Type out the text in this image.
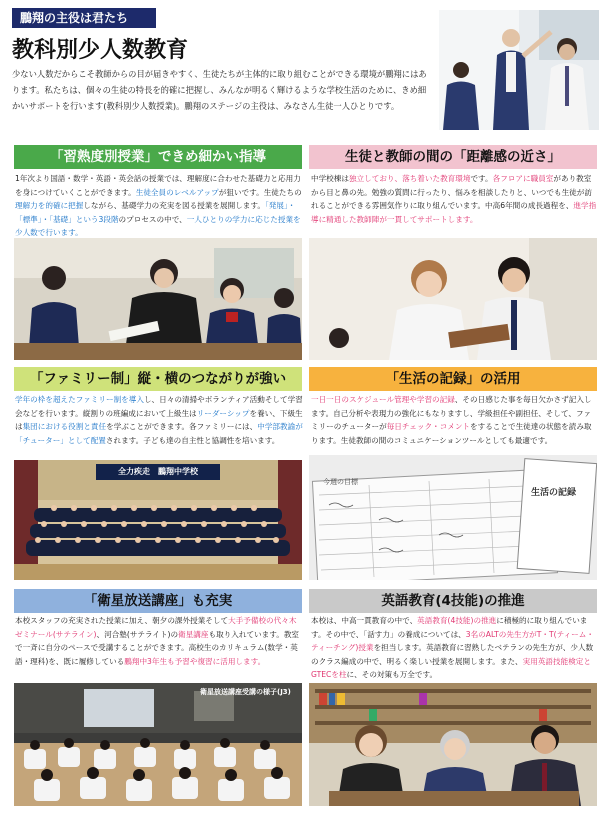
鵬翔の主役は君たち
教科別少人数教育
少ない人数だからこそ教師からの目が届きやすく、生徒たちが主体的に取り組むことができる環境が鵬翔にはあります。私たちは、個々の生徒の特長を的確に把握し、みんなが明るく輝けるような学校生活のために、きめ細かいサポートを行います(教科別少人数授業)。鵬翔のステージの主役は、みなさん生徒一人ひとりです。
「習熟度別授業」できめ細かい指導
1年次より国語・数学・英語・英会話の授業では、理解度に合わせた基礎力と応用力を身につけていくことができます。生徒全員のレベルアップが狙いです。生徒たちの理解力を的確に把握しながら、基礎学力の充実を図る授業を展開します。「発展」・「標準」・「基礎」という3段階のプロセスの中で、一人ひとりの学力に応じた授業を少人数で行います。
生徒と教師の間の「距離感の近さ」
中学校棟は独立しており、落ち着いた教育環境です。各フロアに職員室があり教室から目と鼻の先。勉強の質問に行ったり、悩みを相談したりと、いつでも生徒が訪れることができる雰囲気作りに取り組んでいます。中高6年間の成長過程を、進学指導に精通した教師陣が一貫してサポートします。
「ファミリー制」縦・横のつながりが強い
学年の枠を超えたファミリー制を導入し、日々の清掃やボランティア活動そして学習会などを行います。縦割りの班編成において上級生はリーダーシップを養い、下級生は集団における役割と責任を学ぶことができます。各ファミリーには、中学部教諭が「チューター」として配置されます。子ども達の自主性と協調性を培います。
全力疾走　鵬翔中学校
「生活の記録」の活用
一日一日のスケジュール管理や学習の記録、その日感じた事を毎日欠かさず記入します。自己分析や表現力の強化にもなりますし、学級担任や副担任、そして、ファミリーのチューターが毎日チェック・コメントをすることで生徒達の状態を読み取ります。生徒教師の間のコミュニケーションツールとしても最適です。
生活の記録
今週の目標
「衛星放送講座」も充実
本校スタッフの充実された授業に加え、朝夕の課外授業そして大手予備校の代々木ゼミナール(サテライン)、河合塾(サテライト)の衛星講座も取り入れています。教室で一斉に自分のペースで受講することができます。高校生のカリキュラム(数学・英語・理科)を、既に履修している鵬翔中3年生も予習や復習に活用します。
衛星放送講座受講の様子(J3)
英語教育(4技能)の推進
本校は、中高一貫教育の中で、英語教育(4技能)の推進に積極的に取り組んでいます。その中で、「話す力」の養成については、3名のALTの先生方がT・T(ティーム・ティーチング)授業を担当します。英語教育に習熟したベテランの先生方が、少人数のクラス編成の中で、明るく楽しい授業を展開します。また、実用英語技能検定とGTECを柱に、その対策も万全です。
